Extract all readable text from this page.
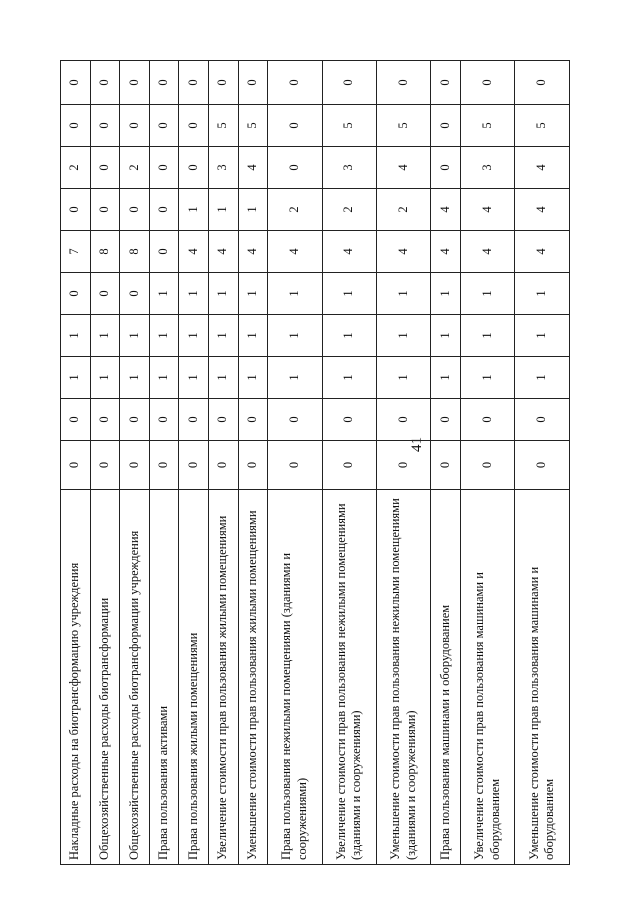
41
Накладные расходы на биотрансформацию учреждения	0	0	1	1	0	7	0	2	0	0
Общехозяйственные расходы биотрансформации	0	0	1	1	0	8	0	0	0	0
Общехозяйственные расходы биотрансформации учреждения	0	0	1	1	0	8	0	2	0	0
Права пользования активами	0	0	1	1	1	0	0	0	0	0
Права пользования жилыми помещениями	0	0	1	1	1	4	1	0	0	0
Увеличение стоимости прав пользования жилыми помещениями	0	0	1	1	1	4	1	3	5	0
Уменьшение стоимости прав пользования жилыми помещениями	0	0	1	1	1	4	1	4	5	0
Права пользования нежилыми помещениями (зданиями и сооружениями)	0	0	1	1	1	4	2	0	0	0
Увеличение стоимости прав пользования нежилыми помещениями (зданиями и сооружениями)	0	0	1	1	1	4	2	3	5	0
Уменьшение стоимости прав пользования нежилыми помещениями (зданиями и сооружениями)	0	0	1	1	1	4	2	4	5	0
Права пользования машинами и оборудованием	0	0	1	1	1	4	4	0	0	0
Увеличение стоимости прав пользования машинами и оборудованием	0	0	1	1	1	4	4	3	5	0
Уменьшение стоимости прав пользования машинами и оборудованием	0	0	1	1	1	4	4	4	5	0
